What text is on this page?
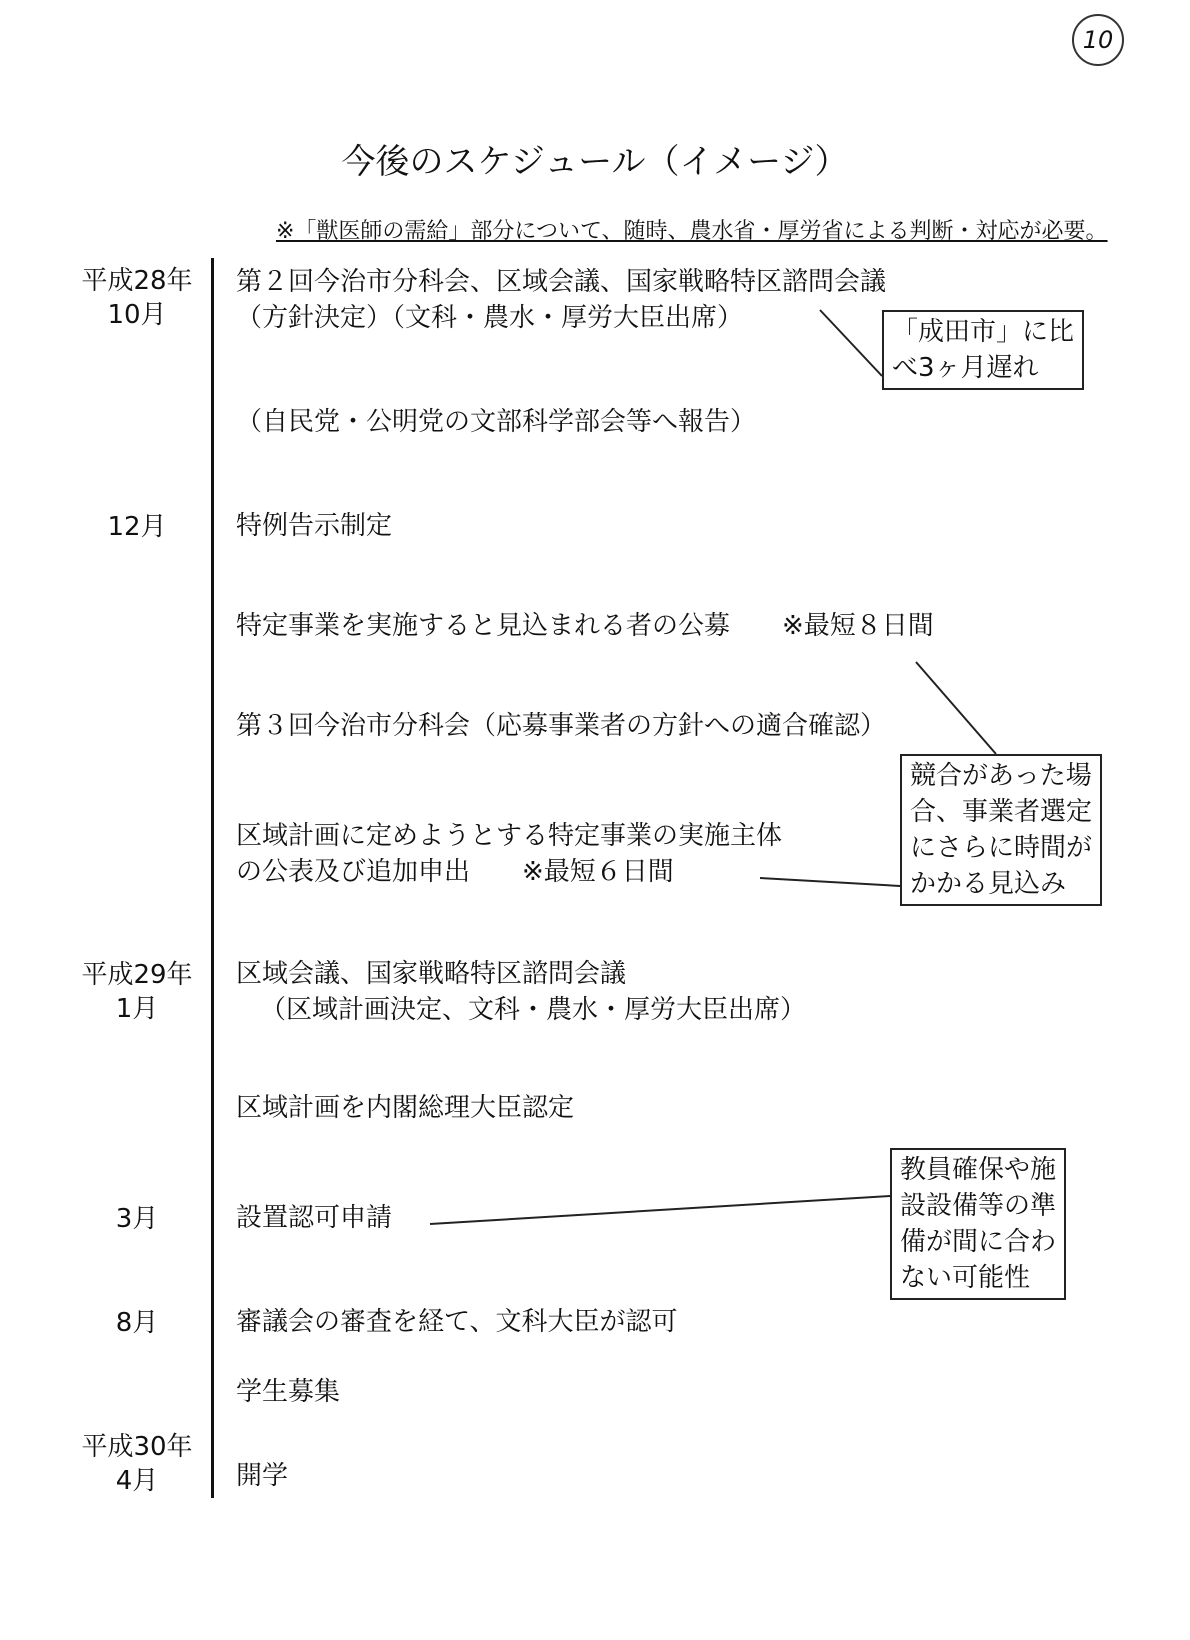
10
今後のスケジュール（イメージ）
※「獣医師の需給」部分について、随時、農水省・厚労省による判断・対応が必要。
平成28年
10月
12月
平成29年
1月
3月
8月
平成30年
4月
第２回今治市分科会、区域会議、国家戦略特区諮問会議
（方針決定）（文科・農水・厚労大臣出席）
（自民党・公明党の文部科学部会等へ報告）
特例告示制定
特定事業を実施すると見込まれる者の公募　　※最短８日間
第３回今治市分科会（応募事業者の方針への適合確認）
区域計画に定めようとする特定事業の実施主体
の公表及び追加申出　　※最短６日間
区域会議、国家戦略特区諮問会議
（区域計画決定、文科・農水・厚労大臣出席）
区域計画を内閣総理大臣認定
設置認可申請
審議会の審査を経て、文科大臣が認可
学生募集
開学
「成田市」に比
べ3ヶ月遅れ
競合があった場
合、事業者選定
にさらに時間が
かかる見込み
教員確保や施
設設備等の準
備が間に合わ
ない可能性
